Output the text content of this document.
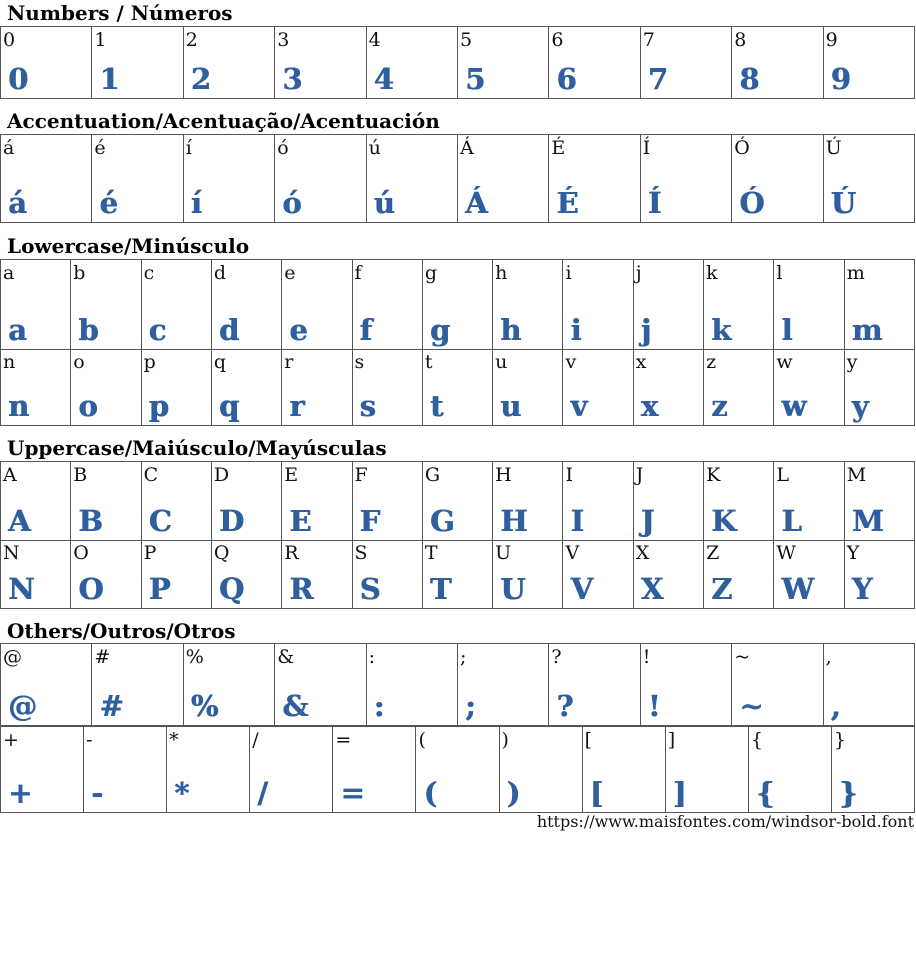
Numbers / Números
0
0
1
1
2
2
3
3
4
4
5
5
6
6
7
7
8
8
9
9
Accentuation/Acentuação/Acentuación
á
á
é
é
í
í
ó
ó
ú
ú
Á
Á
É
É
Í
Í
Ó
Ó
Ú
Ú
Lowercase/Minúsculo
a
a
b
b
c
c
d
d
e
e
f
f
g
g
h
h
i
i
j
j
k
k
l
l
m
m
n
n
o
o
p
p
q
q
r
r
s
s
t
t
u
u
v
v
x
x
z
z
w
w
y
y
Uppercase/Maiúsculo/Mayúsculas
A
A
B
B
C
C
D
D
E
E
F
F
G
G
H
H
I
I
J
J
K
K
L
L
M
M
N
N
O
O
P
P
Q
Q
R
R
S
S
T
T
U
U
V
V
X
X
Z
Z
W
W
Y
Y
Others/Outros/Otros
@
@
#
#
%
%
&
&
:
:
;
;
?
?
!
!
~
~
,
,
+
+
-
-
*
*
/
/
=
=
(
(
)
)
[
[
]
]
{
{
}
}
https://www.maisfontes.com/windsor-bold.font
